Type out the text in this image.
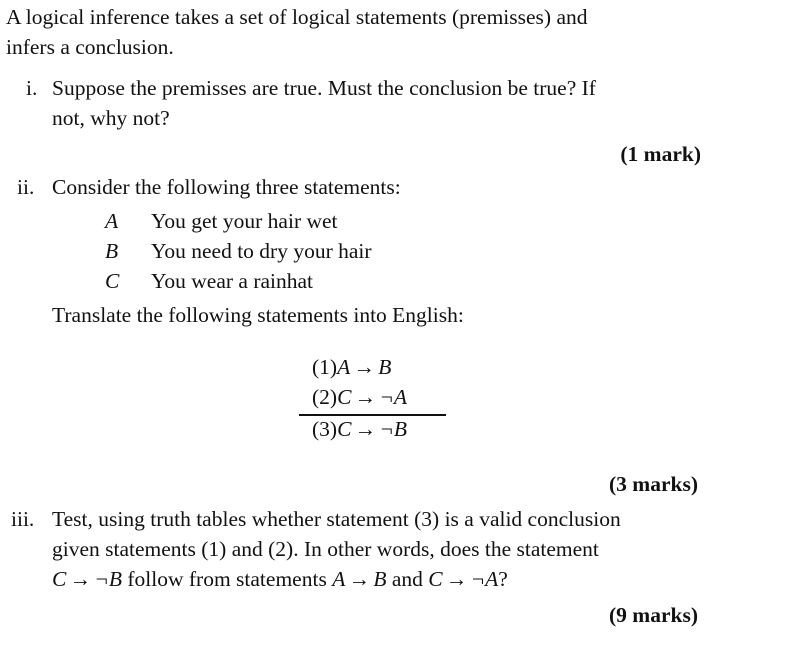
A logical inference takes a set of logical statements (premisses) and
infers a conclusion.
i. Suppose the premisses are true. Must the conclusion be true? If
not, why not?
(1 mark)
ii. Consider the following three statements:
A You get your hair wet
B You need to dry your hair
C You wear a rainhat
Translate the following statements into English:
(1)A → B
(2)C → ¬A
(3)C → ¬B
(3 marks)
iii. Test, using truth tables whether statement (3) is a valid conclusion
given statements (1) and (2). In other words, does the statement
C → ¬B follow from statements A → B and C → ¬A?
(9 marks)
